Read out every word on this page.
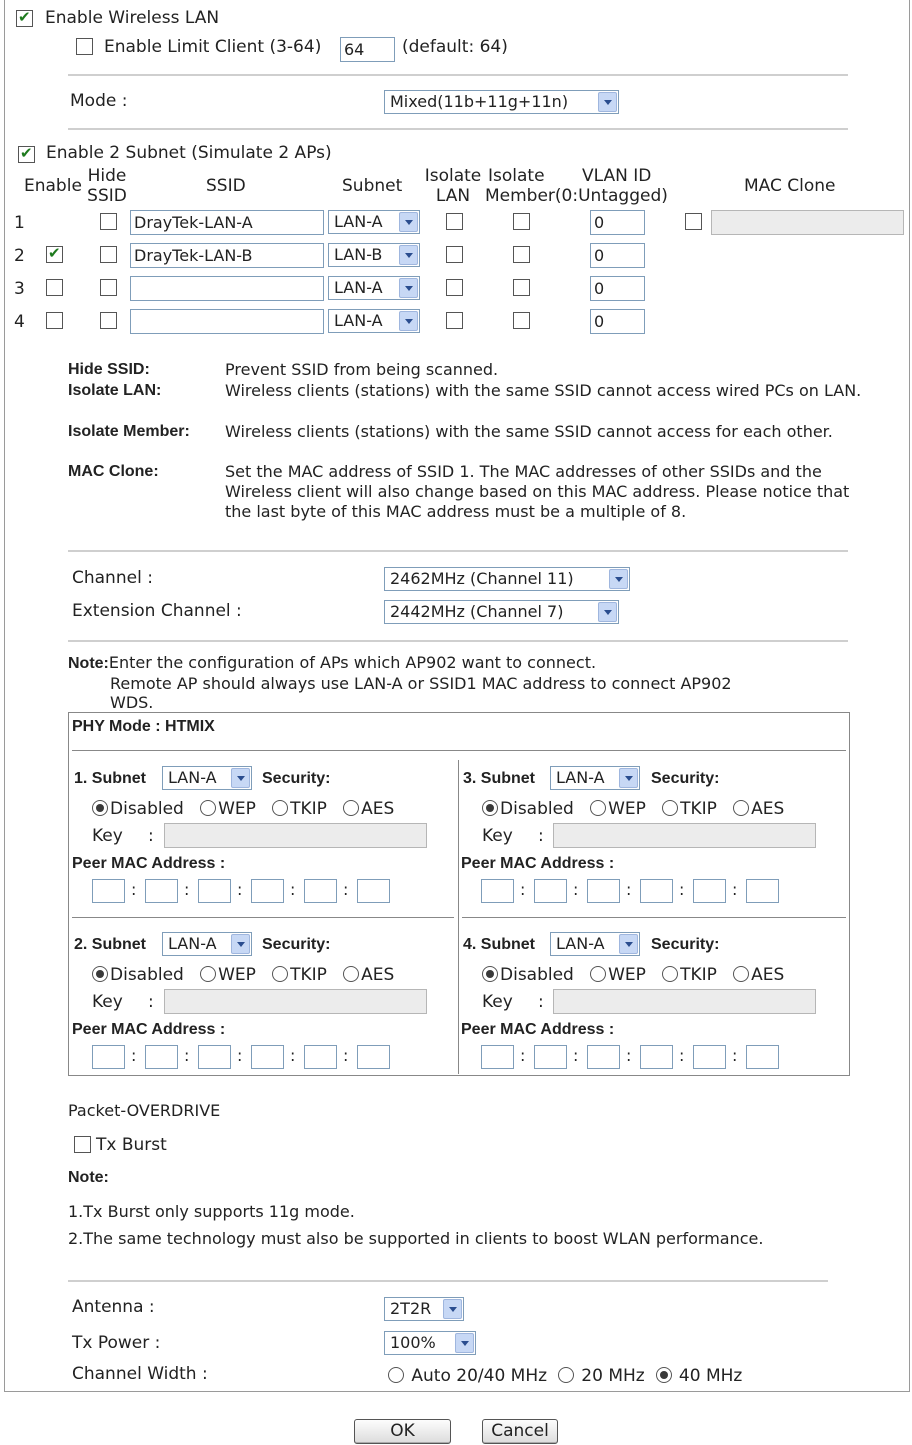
✔
Enable Wireless LAN
Enable Limit Client (3-64) 64	(default: 64)
Mode :	Mixed(11b+11g+11n)
✔
Enable 2 Subnet (Simulate 2 APs)
Enable Hide SSID	SSID	Subnet Isolate LAN
Isolate VLAN ID
Member(0:Untagged)	MAC Clone
1	DrayTek-LAN-A	LAN-A	0
2
✔	DrayTek-LAN-B	LAN-B	0
3	LAN-A	0
4	LAN-A	0
Hide SSID:	Prevent SSID from being scanned.
Isolate LAN:	Wireless clients (stations) with the same SSID cannot access wired PCs on LAN.
Isolate Member: Wireless clients (stations) with the same SSID cannot access for each other.
MAC Clone:	Set the MAC address of SSID 1. The MAC addresses of other SSIDs and the Wireless client will also change based on this MAC address. Please notice that the last byte of this MAC address must be a multiple of 8.
Channel :	2462MHz (Channel 11)
Extension Channel :	2442MHz (Channel 7)
Note:Enter the configuration of APs which AP902 want to connect.
Remote AP should always use LAN-A or SSID1 MAC address to connect AP902
WDS.
PHY Mode : HTMIX
1. Subnet	LAN-A	Security:
Disabled WEP TKIP AES
Key :
Peer MAC Address :
:	:	:	:	:
3. Subnet	LAN-A	Security:
Disabled WEP TKIP AES
Key :
Peer MAC Address :
:	:	:	:	:
2. Subnet	LAN-A	Security:
Disabled WEP TKIP AES
Key :
Peer MAC Address :
:	:	:	:	:
4. Subnet	LAN-A	Security:
Disabled WEP TKIP AES
Key :
Peer MAC Address :
:	:	:	:	:
Packet-OVERDRIVE
Tx Burst
Note:
1.Tx Burst only supports 11g mode.
2.The same technology must also be supported in clients to boost WLAN performance.
Antenna :	2T2R
Tx Power :	100%
Channel Width :	Auto 20/40 MHz 20 MHz 40 MHz
OK	Cancel
